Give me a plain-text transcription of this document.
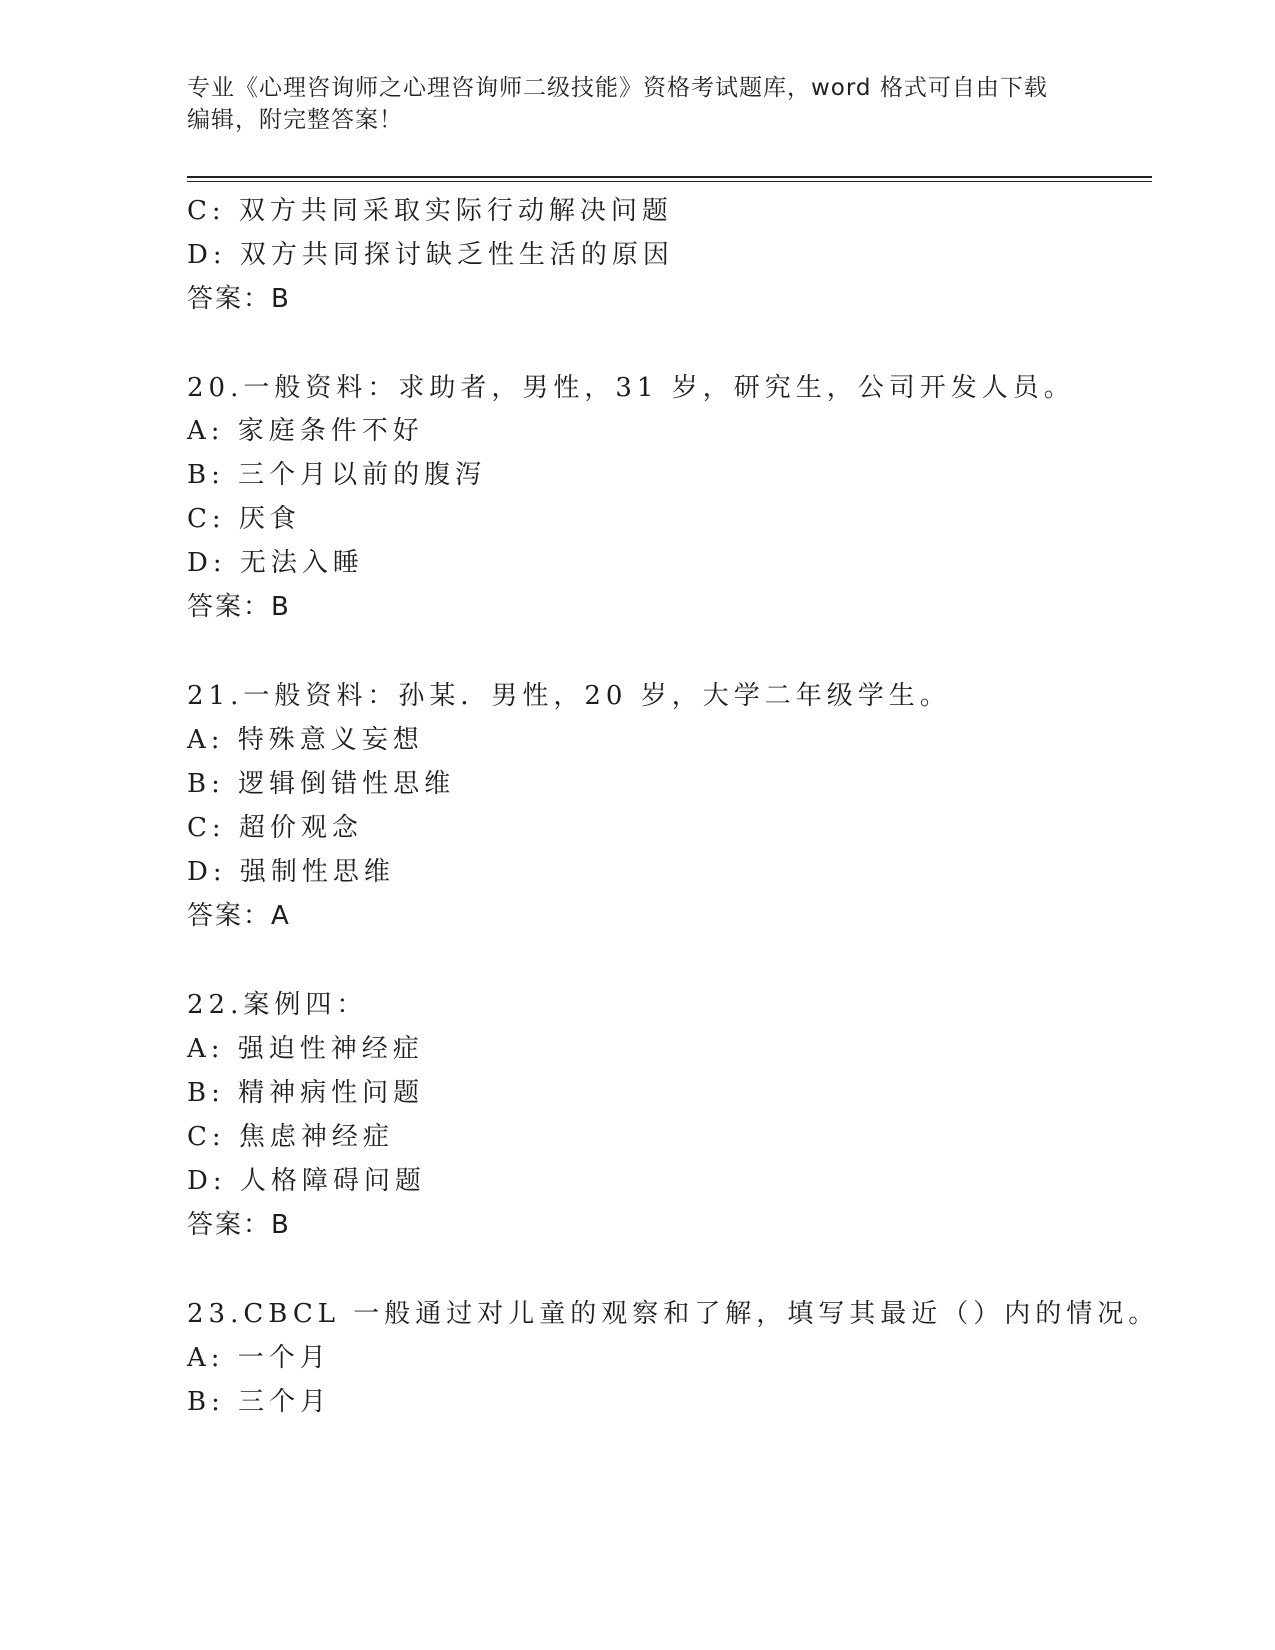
专业《心理咨询师之心理咨询师二级技能》资格考试题库，word 格式可自由下载
编辑，附完整答案！
C: 双方共同采取实际行动解决问题
D: 双方共同探讨缺乏性生活的原因
答案：B
20.一般资料：求助者，男性，31 岁，研究生，公司开发人员。
A: 家庭条件不好
B: 三个月以前的腹泻
C: 厌食
D: 无法入睡
答案：B
21.一般资料：孙某．男性，20 岁，大学二年级学生。
A: 特殊意义妄想
B: 逻辑倒错性思维
C: 超价观念
D: 强制性思维
答案：A
22.案例四：
A: 强迫性神经症
B: 精神病性问题
C: 焦虑神经症
D: 人格障碍问题
答案：B
23.CBCL 一般通过对儿童的观察和了解，填写其最近（）内的情况。
A: 一个月
B: 三个月
